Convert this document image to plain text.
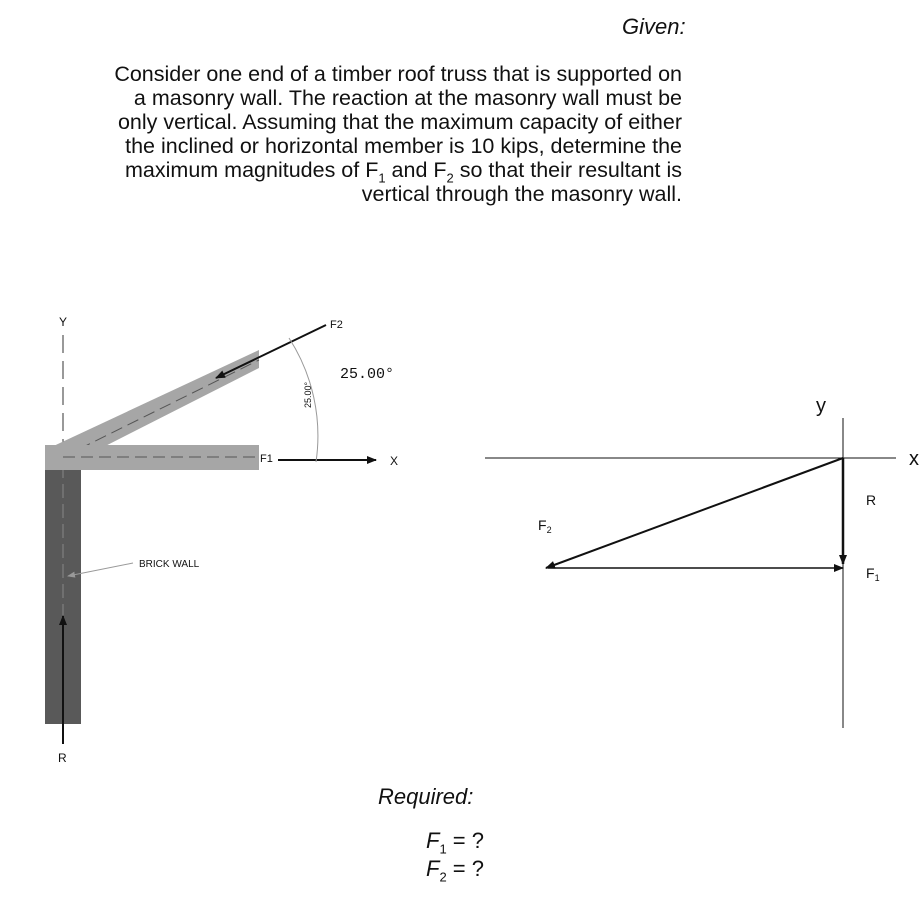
Given:

Consider one end of a timber roof truss that is supported on

a masonry wall. The reaction at the masonry wall must be

only vertical. Assuming that the maximum capacity of either

the inclined or horizontal member is 10 kips, determine the

maximum magnitudes of $F_1$ and $F_2$ so that their resultant is

vertical through the masonry wall.

Y
F1	X
F2
25.00°
25.00°
BRICK WALL
R
y
x
R
$F_1$
$F_2$
Required:
$F_1$ = ?
$F_2$ = ?
